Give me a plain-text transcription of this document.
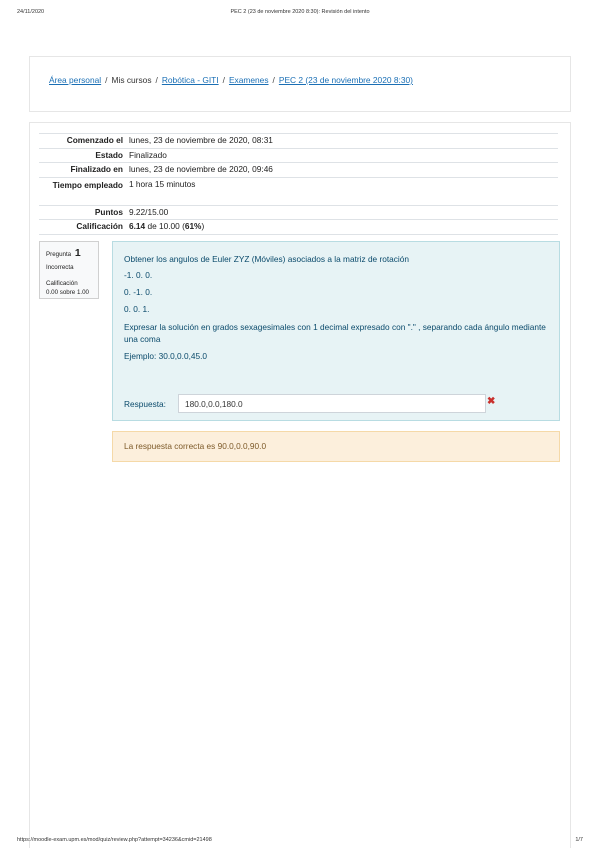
24/11/2020	PEC 2 (23 de noviembre 2020 8:30): Revisión del intento
Área personal / Mis cursos / Robótica - GITI / Examenes / PEC 2 (23 de noviembre 2020 8:30)
Comenzado el	lunes, 23 de noviembre de 2020, 08:31
Estado	Finalizado
Finalizado en	lunes, 23 de noviembre de 2020, 09:46
Tiempo empleado	1 hora 15 minutos
Puntos	9.22/15.00
Calificación	6.14 de 10.00 (61%)
Pregunta 1
Incorrecta
Calificación
0.00 sobre 1.00
Obtener los angulos de Euler ZYZ (Móviles) asociados a la matriz de rotación
-1. 0. 0.
0. -1. 0.
0. 0. 1.
Expresar la solución en grados sexagesimales con 1 decimal expresado con "." , separando cada ángulo mediante una coma
Ejemplo: 30.0,0.0,45.0
Respuesta:
180.0,0.0,180.0	✖
La respuesta correcta es 90.0,0.0,90.0
https://moodle-exam.upm.es/mod/quiz/review.php?attempt=34236&cmid=21498	1/7
